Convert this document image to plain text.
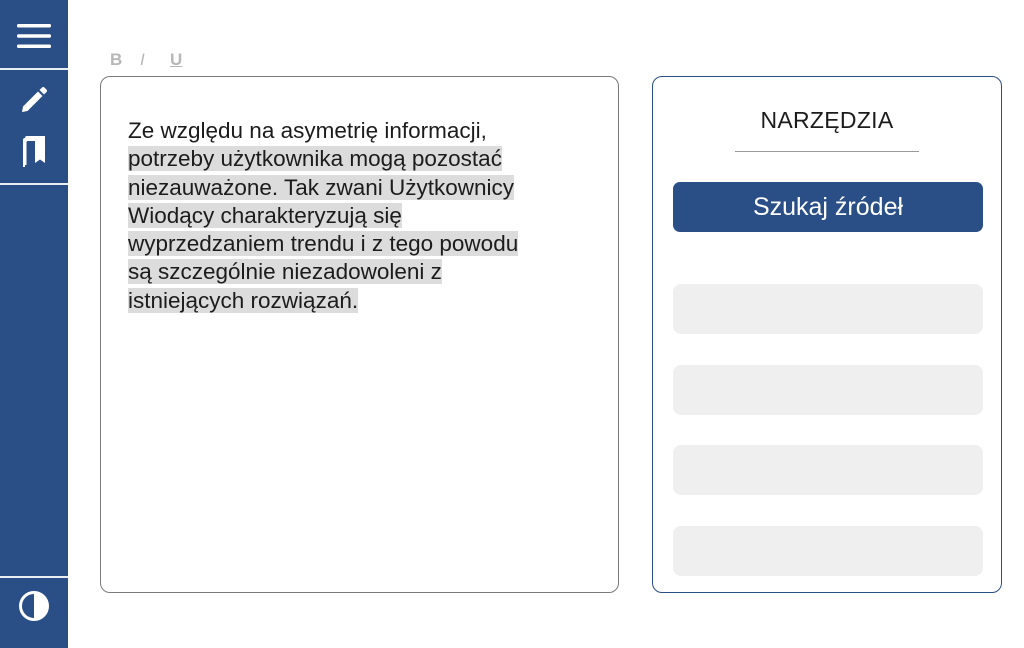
B I U
Ze względu na asymetrię informacji,
potrzeby użytkownika mogą pozostać
niezauważone. Tak zwani Użytkownicy
Wiodący charakteryzują się
wyprzedzaniem trendu i z tego powodu
są szczególnie niezadowoleni z
istniejących rozwiązań.
NARZĘDZIA
Szukaj źródeł
